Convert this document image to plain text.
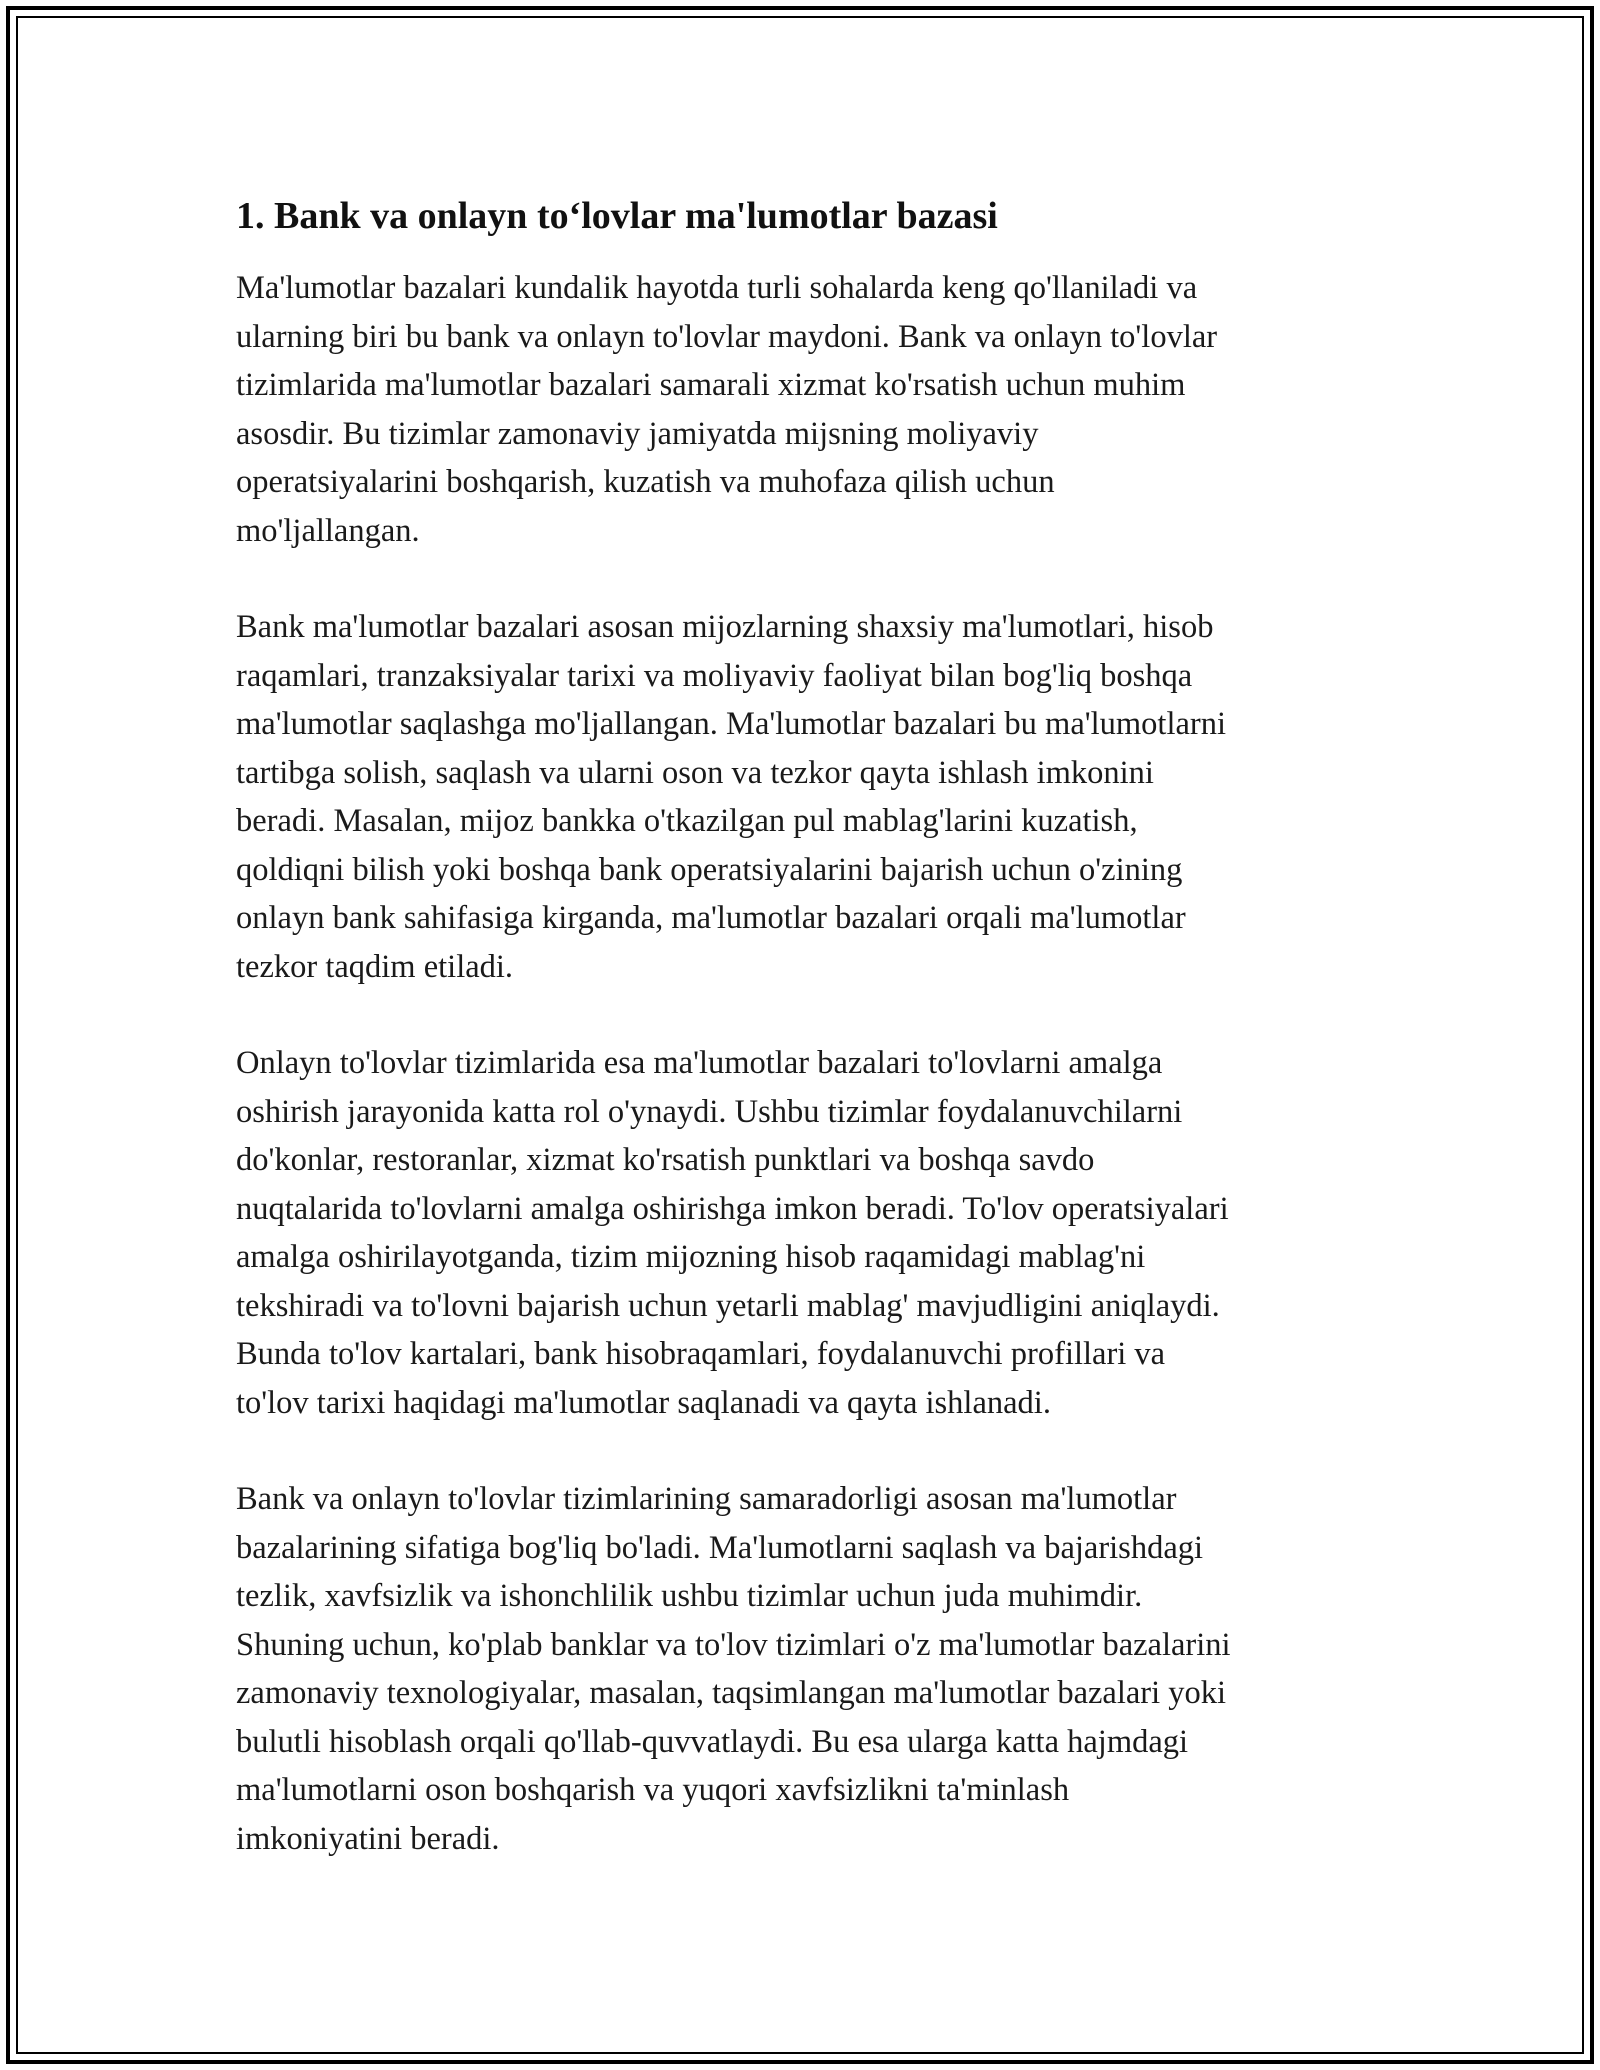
1. Bank va onlayn to‘lovlar ma'lumotlar bazasi

Ma'lumotlar bazalari kundalik hayotda turli sohalarda keng qo'llaniladi va
ularning biri bu bank va onlayn to'lovlar maydoni. Bank va onlayn to'lovlar
tizimlarida ma'lumotlar bazalari samarali xizmat ko'rsatish uchun muhim
asosdir. Bu tizimlar zamonaviy jamiyatda mijsning moliyaviy
operatsiyalarini boshqarish, kuzatish va muhofaza qilish uchun
mo'ljallangan.

Bank ma'lumotlar bazalari asosan mijozlarning shaxsiy ma'lumotlari, hisob
raqamlari, tranzaksiyalar tarixi va moliyaviy faoliyat bilan bog'liq boshqa
ma'lumotlar saqlashga mo'ljallangan. Ma'lumotlar bazalari bu ma'lumotlarni
tartibga solish, saqlash va ularni oson va tezkor qayta ishlash imkonini
beradi. Masalan, mijoz bankka o'tkazilgan pul mablag'larini kuzatish,
qoldiqni bilish yoki boshqa bank operatsiyalarini bajarish uchun o'zining
onlayn bank sahifasiga kirganda, ma'lumotlar bazalari orqali ma'lumotlar
tezkor taqdim etiladi.

Onlayn to'lovlar tizimlarida esa ma'lumotlar bazalari to'lovlarni amalga
oshirish jarayonida katta rol o'ynaydi. Ushbu tizimlar foydalanuvchilarni
do'konlar, restoranlar, xizmat ko'rsatish punktlari va boshqa savdo
nuqtalarida to'lovlarni amalga oshirishga imkon beradi. To'lov operatsiyalari
amalga oshirilayotganda, tizim mijozning hisob raqamidagi mablag'ni
tekshiradi va to'lovni bajarish uchun yetarli mablag' mavjudligini aniqlaydi.
Bunda to'lov kartalari, bank hisobraqamlari, foydalanuvchi profillari va
to'lov tarixi haqidagi ma'lumotlar saqlanadi va qayta ishlanadi.

Bank va onlayn to'lovlar tizimlarining samaradorligi asosan ma'lumotlar
bazalarining sifatiga bog'liq bo'ladi. Ma'lumotlarni saqlash va bajarishdagi
tezlik, xavfsizlik va ishonchlilik ushbu tizimlar uchun juda muhimdir.
Shuning uchun, ko'plab banklar va to'lov tizimlari o'z ma'lumotlar bazalarini
zamonaviy texnologiyalar, masalan, taqsimlangan ma'lumotlar bazalari yoki
bulutli hisoblash orqali qo'llab-quvvatlaydi. Bu esa ularga katta hajmdagi
ma'lumotlarni oson boshqarish va yuqori xavfsizlikni ta'minlash
imkoniyatini beradi.
